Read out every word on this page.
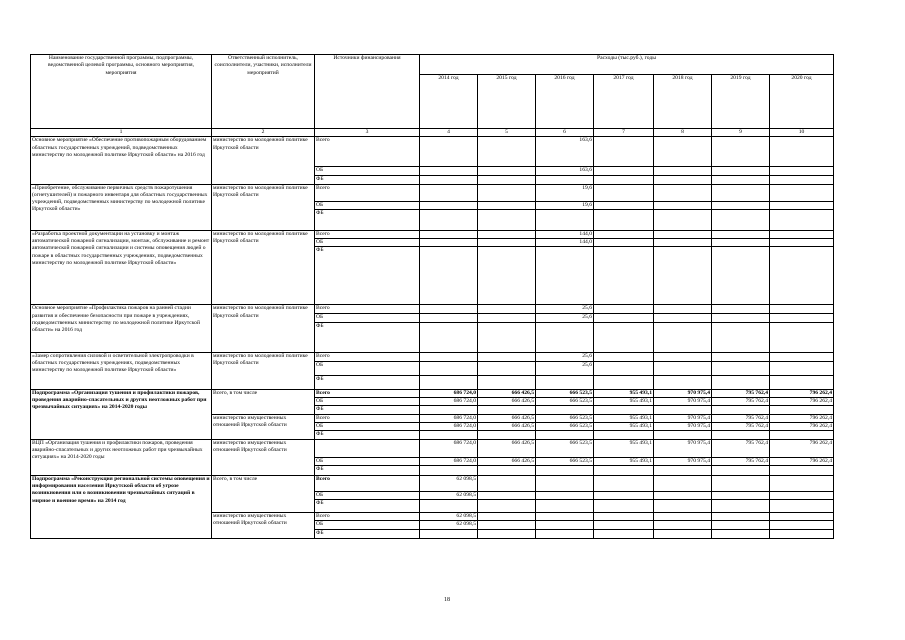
Наименование государственной программы, подпрограммы, ведомственной целевой программы, основного мероприятия, мероприятия	Ответственный исполнитель, соисполнители, участники, исполнители мероприятий	Источники финансирования	Расходы (тыс.руб.), годы						
			2014 год	2015 год	2016 год	2017 год	2018 год	2019 год	2020 год
1	2	3	4	5	6	7	8	9	10
Основное мероприятие «Обеспечение противопожарным оборудованием областных государственных учреждений, подведомственных министерству по молодежной политике Иркутской области» на 2016 год	министерство по молодежной политике Иркутской области	Всего			163,6				
		ОБ			163,6				
		ФБ							
«Приобретение, обслуживание первичных средств пожаротушения (огнетушителей) и пожарного инвентаря для областных государственных учреждений, подведомственных министерству по молодежной политике Иркутской области»	министерство по молодежной политике Иркутской области	Всего			19,6				
		ОБ			19,6				
		ФБ							
«Разработка проектной документации на установку и монтаж автоматической пожарной сигнализации, монтаж, обслуживание и ремонт автоматической пожарной сигнализации и системы оповещения людей о пожаре в областных государственных учреждениях, подведомственных министерству по молодежной политике Иркутской области»	министерство по молодежной политике Иркутской области	Всего			144,0				
		ОБ			144,0				
		ФБ							
Основное мероприятие «Профилактика пожаров на ранней стадии развития и обеспечение безопасности при пожаре в учреждениях, подведомственных министерству по молодежной политике Иркутской области» на 2016 год	министерство по молодежной политике Иркутской области	Всего			25,6				
		ОБ			25,6				
		ФБ							
«Замер сопротивления силовой и осветительной электропроводки в областных государственных учреждениях, подведомственных министерству по молодежной политике Иркутской области»	министерство по молодежной политике Иркутской области	Всего			25,6				
		ОБ			25,6				
		ФБ							
Подпрограмма «Организация тушения и профилактики пожаров, проведения аварийно-спасательных и других неотложных работ при чрезвычайных ситуациях» на 2014-2020 годы	Всего, в том числе	Всего	686 724,0	666 426,5	666 523,5	955 493,1	970 975,4	795 762,4	796 262,4
		ОБ	686 724,0	666 426,5	666 523,5	955 493,1	970 975,4	795 762,4	796 262,4
		ФБ							
	министерство имущественных отношений Иркутской области	Всего	686 724,0	666 426,5	666 523,5	955 493,1	970 975,4	795 762,4	796 262,4
		ОБ	686 724,0	666 426,5	666 523,5	955 493,1	970 975,4	795 762,4	796 262,4
		ФБ							
ВЦП «Организация тушения и профилактики пожаров, проведения аварийно-спасательных и других неотложных работ при чрезвычайных ситуациях» на 2014-2020 годы	министерство имущественных отношений Иркутской области		686 724,0	666 426,5	666 523,5	955 493,1	970 975,4	795 762,4	796 262,4
		ОБ	686 724,0	666 426,5	666 523,5	955 493,1	970 975,4	795 762,4	796 262,4
		ФБ							
Подпрограмма «Реконструкция региональной системы оповещения и информирования населения Иркутской области об угрозе возникновения или о возникновении чрезвычайных ситуаций в мирное и военное время» на 2014 год	Всего, в том числе	Всего	62 098,5						
		ОБ	62 098,5						
		ФБ							
	министерство имущественных отношений Иркутской области	Всего	62 098,5						
		ОБ	62 098,5						
		ФБ							
18
